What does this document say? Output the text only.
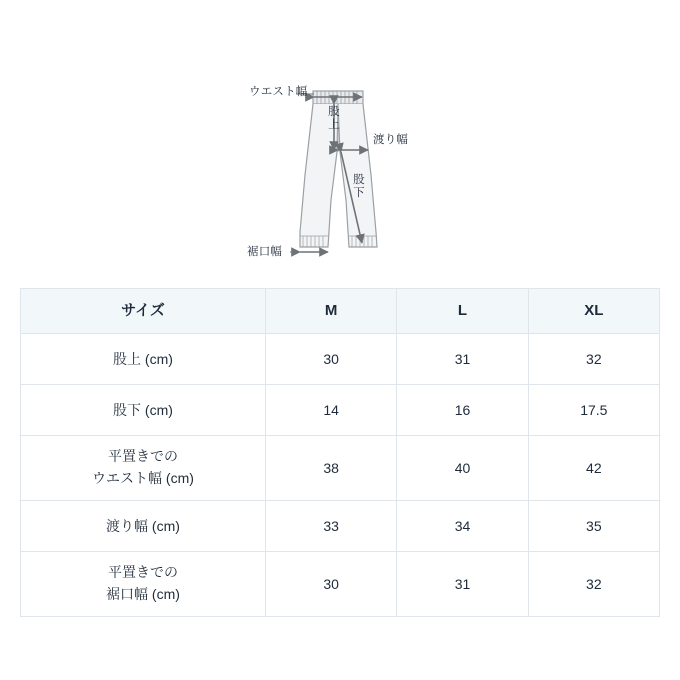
ウエスト幅
股上
渡り幅
股下
裾口幅
サイズ	M	L	XL
股上 (cm)	30	31	32
股下 (cm)	14	16	17.5

平置きでの
ウエスト幅 (cm)	38	40	42
渡り幅 (cm)	33	34	35

平置きでの
裾口幅 (cm)	30	31	32
